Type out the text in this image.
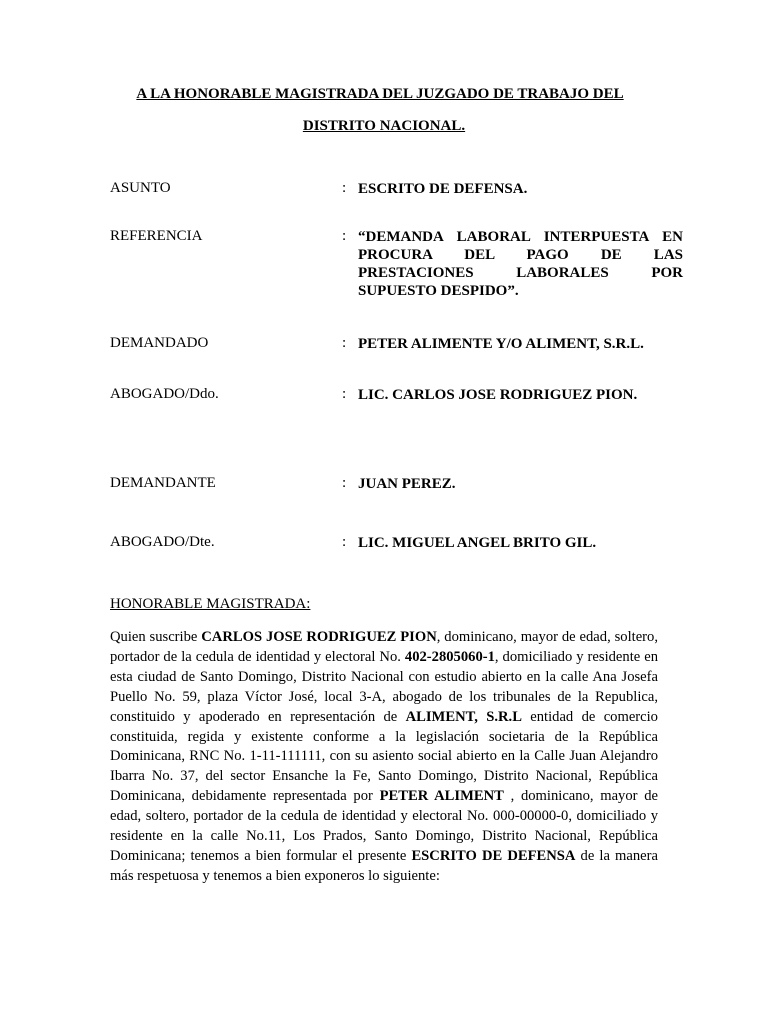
A LA HONORABLE MAGISTRADA DEL JUZGADO DE TRABAJO DEL
DISTRITO NACIONAL.
ASUNTO	: ESCRITO DE DEFENSA.
REFERENCIA	: “DEMANDA LABORAL INTERPUESTA EN PROCURA DEL PAGO DE LAS PRESTACIONES LABORALES POR SUPUESTO DESPIDO”.
DEMANDADO	: PETER ALIMENTE Y/O ALIMENT, S.R.L.
ABOGADO/Ddo.	: LIC. CARLOS JOSE RODRIGUEZ PION.
DEMANDANTE	: JUAN PEREZ.
ABOGADO/Dte.	: LIC. MIGUEL ANGEL BRITO GIL.
HONORABLE MAGISTRADA:
Quien suscribe CARLOS JOSE RODRIGUEZ PION, dominicano, mayor de edad, soltero, portador de la cedula de identidad y electoral No. 402-2805060-1, domiciliado y residente en esta ciudad de Santo Domingo, Distrito Nacional con estudio abierto en la calle Ana Josefa Puello No. 59, plaza Víctor José, local 3-A, abogado de los tribunales de la Republica, constituido y apoderado en representación de ALIMENT, S.R.L entidad de comercio constituida, regida y existente conforme a la legislación societaria de la República Dominicana, RNC No. 1-11-111111, con su asiento social abierto en la Calle Juan Alejandro Ibarra No. 37, del sector Ensanche la Fe, Santo Domingo, Distrito Nacional, República Dominicana, debidamente representada por PETER ALIMENT , dominicano, mayor de edad, soltero, portador de la cedula de identidad y electoral No. 000-00000-0, domiciliado y residente en la calle No.11, Los Prados, Santo Domingo, Distrito Nacional, República Dominicana; tenemos a bien formular el presente ESCRITO DE DEFENSA de la manera más respetuosa y tenemos a bien exponeros lo siguiente:
